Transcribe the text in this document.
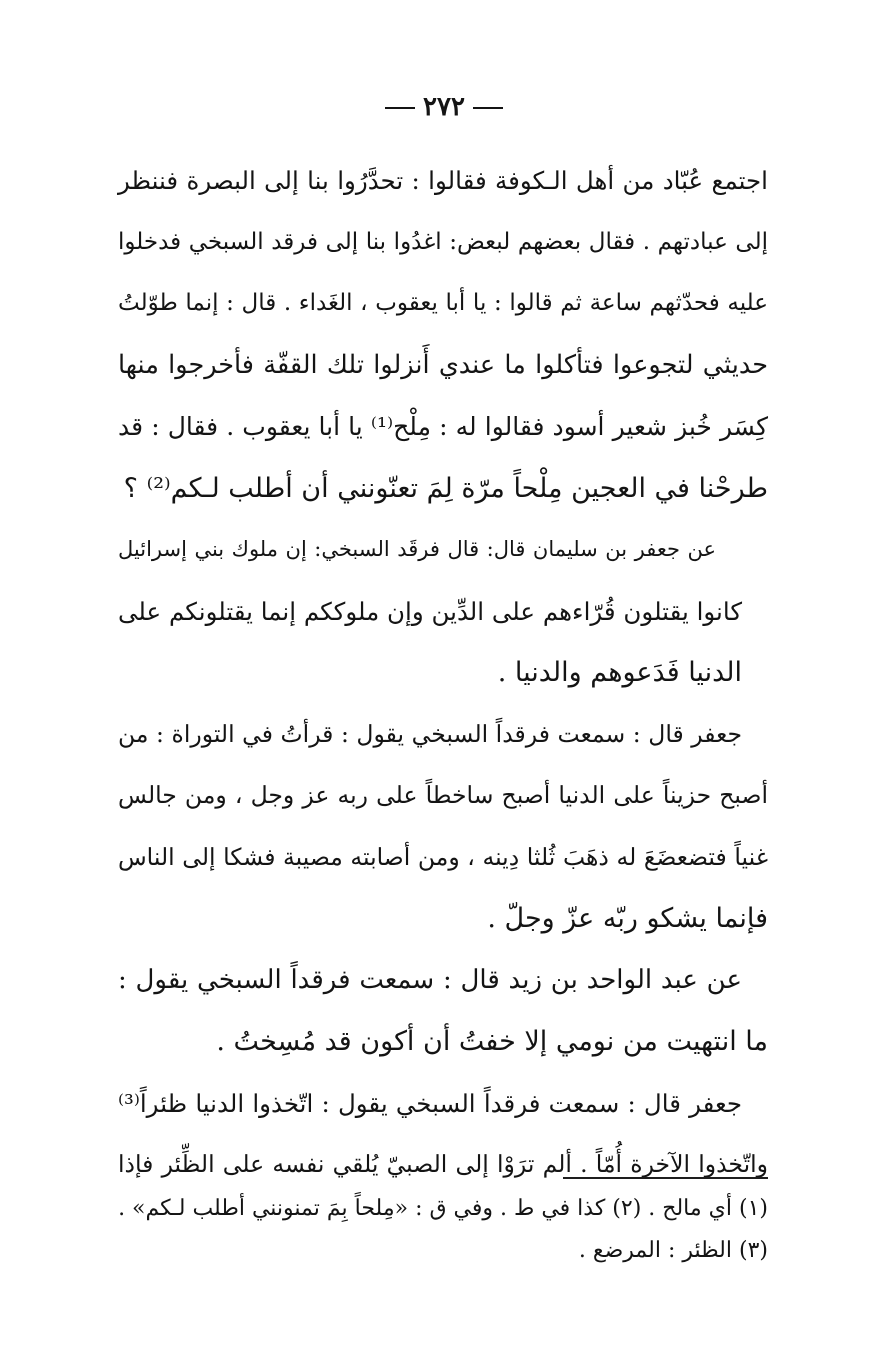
٢٧٢

اجتمع عُبّاد من أهل الـكوفة فقالوا : تحدَّرُوا بنا إلى البصرة فننظر
إلى عبادتهم . فقال بعضهم لبعض: اغدُوا بنا إلى فرقد السبخي فدخلوا
عليه فحدّثهم ساعة ثم قالوا : يا أبا يعقوب ، الغَداء . قال : إنما طوّلتُ
حديثي لتجوعوا فتأكلوا ما عندي أَنزلوا تلك القفّة فأخرجوا منها
كِسَر خُبز شعير أسود فقالوا له : مِلْح⁽¹⁾ يا أبا يعقوب . فقال : قد
طرحْنا في العجين مِلْحاً مرّة لِمَ تعنّونني أن أطلب لـكم⁽²⁾ ؟

عن جعفر بن سليمان قال: قال فرقَد السبخي: إن ملوك بني إسرائيل
كانوا يقتلون قُرّاءهم على الدِّين وإن ملوككم إنما يقتلونكم على
الدنيا فَدَعوهم والدنيا .

جعفر قال : سمعت فرقداً السبخي يقول : قرأتُ في التوراة : من
أصبح حزيناً على الدنيا أصبح ساخطاً على ربه عز وجل ، ومن جالس
غنياً فتضعضَعَ له ذهَبَ ثُلثا دِينه ، ومن أصابته مصيبة فشكا إلى الناس
فإنما يشكو ربّه عزّ وجلّ .

عن عبد الواحد بن زيد قال : سمعت فرقداً السبخي يقول :
ما انتهيت من نومي إلا خفتُ أن أكون قد مُسِختُ .

جعفر قال : سمعت فرقداً السبخي يقول : اتّخذوا الدنيا ظئراً⁽³⁾
واتّخذوا الآخرة أُمّاً . ألم ترَوْا إلى الصبيّ يُلقي نفسه على الظِّئر فإذا

(١) أي مالح . (٢) كذا في ط . وفي ق : «مِلحاً بِمَ تمنونني أطلب لـكم» .
(٣) الظئر : المرضع .
